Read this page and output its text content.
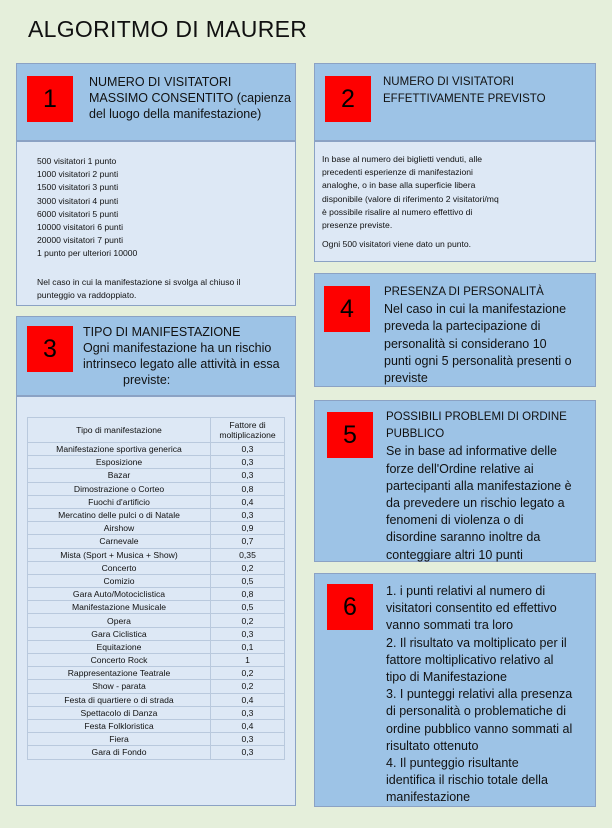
ALGORITMO DI MAURER
1
NUMERO DI VISITATORI
MASSIMO CONSENTITO (capienza
del luogo della manifestazione)
500 visitatori 1 punto
1000 visitatori 2 punti
1500 visitatori 3 punti
3000 visitatori 4 punti
6000 visitatori 5 punti
10000 visitatori 6 punti
20000 visitatori 7 punti
1 punto per ulteriori 10000
Nel caso in cui la manifestazione si svolga al chiuso il
punteggio va raddoppiato.
2
NUMERO DI VISITATORI
EFFETTIVAMENTE PREVISTO
In base al numero dei biglietti venduti, alle
precedenti esperienze di manifestazioni
analoghe, o in base alla superficie libera
disponibile (valore di riferimento 2 visitatori/mq
è possibile risalire al numero effettivo di
presenze previste.
Ogni 500 visitatori viene dato un punto.
3
TIPO DI MANIFESTAZIONE
Ogni manifestazione ha un rischio
intrinseco legato alle attività in essa
previste:
Tipo di manifestazione	Fattore di
moltiplicazione

Manifestazione sportiva generica	0,3
Esposizione	0,3
Bazar	0,3
Dimostrazione o Corteo	0,8
Fuochi d'artificio	0,4
Mercatino delle pulci o di Natale	0,3
Airshow	0,9
Carnevale	0,7
Mista (Sport + Musica + Show)	0,35
Concerto	0,2
Comizio	0,5
Gara Auto/Motociclistica	0,8
Manifestazione Musicale	0,5
Opera	0,2
Gara Ciclistica	0,3
Equitazione	0,1
Concerto Rock	1
Rappresentazione Teatrale	0,2
Show - parata	0,2
Festa di quartiere o di strada	0,4
Spettacolo di Danza	0,3
Festa Folkloristica	0,4
Fiera	0,3
Gara di Fondo	0,3
4
PRESENZA DI PERSONALITÀ
Nel caso in cui la manifestazione
preveda la partecipazione di
personalità si considerano 10
punti ogni 5 personalità presenti o
previste
5
POSSIBILI PROBLEMI DI ORDINE
PUBBLICO
Se in base ad informative delle
forze dell'Ordine relative ai
partecipanti alla manifestazione è
da prevedere un rischio legato a
fenomeni di violenza o di
disordine saranno inoltre da
conteggiare altri 10 punti
6
1. i punti relativi al numero di
visitatori consentito ed effettivo
vanno sommati tra loro
2. Il risultato va moltiplicato per il
fattore moltiplicativo relativo al
tipo di Manifestazione
3. I punteggi relativi alla presenza
di personalità o problematiche di
ordine pubblico vanno sommati al
risultato ottenuto
4. Il punteggio risultante
identifica il rischio totale della
manifestazione
